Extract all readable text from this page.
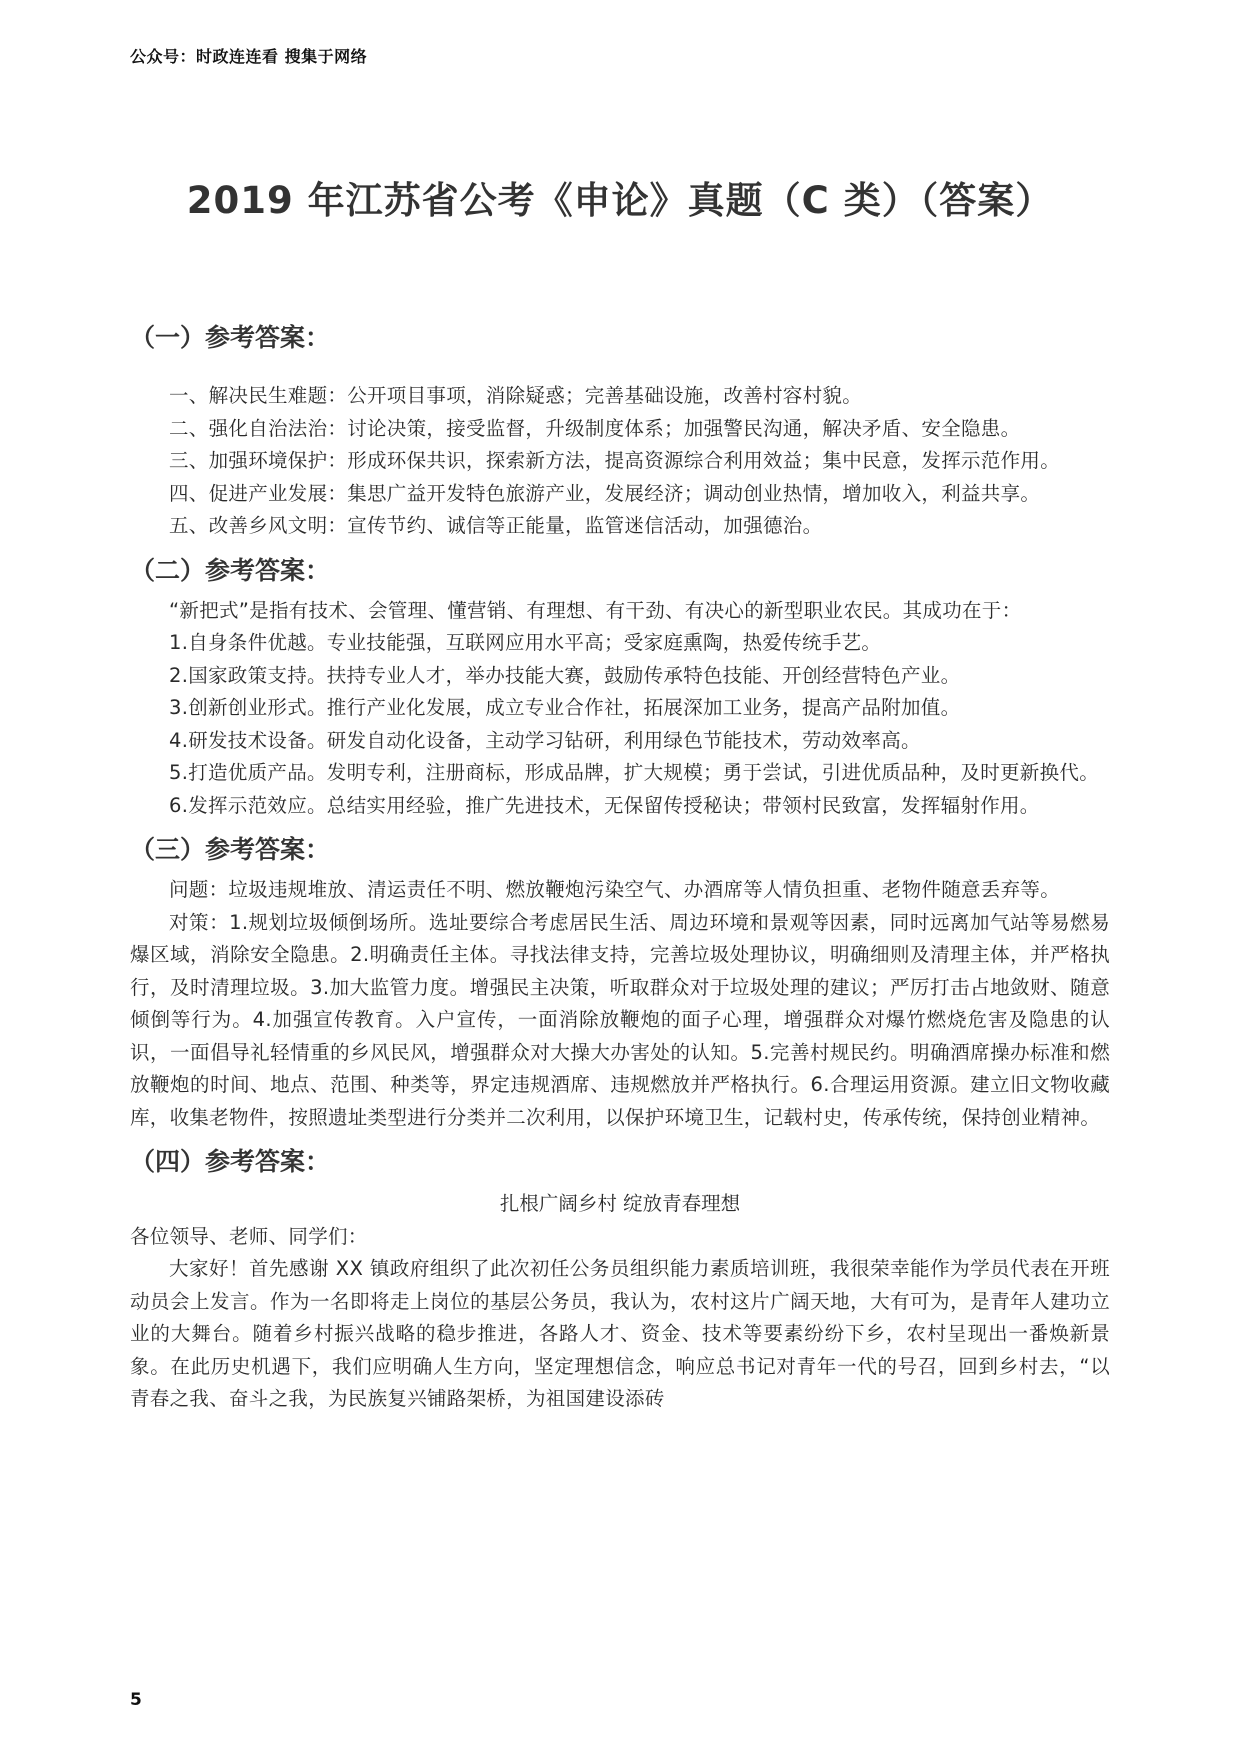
公众号：时政连连看 搜集于网络
2019 年江苏省公考《申论》真题（C 类）（答案）
（一）参考答案：

一、解决民生难题：公开项目事项，消除疑惑；完善基础设施，改善村容村貌。

二、强化自治法治：讨论决策，接受监督，升级制度体系；加强警民沟通，解决矛盾、安全隐患。

三、加强环境保护：形成环保共识，探索新方法，提高资源综合利用效益；集中民意，发挥示范作用。

四、促进产业发展：集思广益开发特色旅游产业，发展经济；调动创业热情，增加收入，利益共享。

五、改善乡风文明：宣传节约、诚信等正能量，监管迷信活动，加强德治。

（二）参考答案：

“新把式”是指有技术、会管理、懂营销、有理想、有干劲、有决心的新型职业农民。其成功在于：

1.自身条件优越。专业技能强，互联网应用水平高；受家庭熏陶，热爱传统手艺。

2.国家政策支持。扶持专业人才，举办技能大赛，鼓励传承特色技能、开创经营特色产业。

3.创新创业形式。推行产业化发展，成立专业合作社，拓展深加工业务，提高产品附加值。

4.研发技术设备。研发自动化设备，主动学习钻研，利用绿色节能技术，劳动效率高。

5.打造优质产品。发明专利，注册商标，形成品牌，扩大规模；勇于尝试，引进优质品种，及时更新换代。

6.发挥示范效应。总结实用经验，推广先进技术，无保留传授秘诀；带领村民致富，发挥辐射作用。

（三）参考答案：

问题：垃圾违规堆放、清运责任不明、燃放鞭炮污染空气、办酒席等人情负担重、老物件随意丢弃等。

对策：1.规划垃圾倾倒场所。选址要综合考虑居民生活、周边环境和景观等因素，同时远离加气站等易燃易爆区域，消除安全隐患。2.明确责任主体。寻找法律支持，完善垃圾处理协议，明确细则及清理主体，并严格执行，及时清理垃圾。3.加大监管力度。增强民主决策，听取群众对于垃圾处理的建议；严厉打击占地敛财、随意倾倒等行为。4.加强宣传教育。入户宣传，一面消除放鞭炮的面子心理，增强群众对爆竹燃烧危害及隐患的认识，一面倡导礼轻情重的乡风民风，增强群众对大操大办害处的认知。5.完善村规民约。明确酒席操办标准和燃放鞭炮的时间、地点、范围、种类等，界定违规酒席、违规燃放并严格执行。6.合理运用资源。建立旧文物收藏库，收集老物件，按照遗址类型进行分类并二次利用，以保护环境卫生，记载村史，传承传统，保持创业精神。

（四）参考答案：

扎根广阔乡村 绽放青春理想

各位领导、老师、同学们：

大家好！首先感谢 XX 镇政府组织了此次初任公务员组织能力素质培训班，我很荣幸能作为学员代表在开班动员会上发言。作为一名即将走上岗位的基层公务员，我认为，农村这片广阔天地，大有可为，是青年人建功立业的大舞台。随着乡村振兴战略的稳步推进，各路人才、资金、技术等要素纷纷下乡，农村呈现出一番焕新景象。在此历史机遇下，我们应明确人生方向，坚定理想信念，响应总书记对青年一代的号召，回到乡村去，“以青春之我、奋斗之我，为民族复兴铺路架桥，为祖国建设添砖

5
